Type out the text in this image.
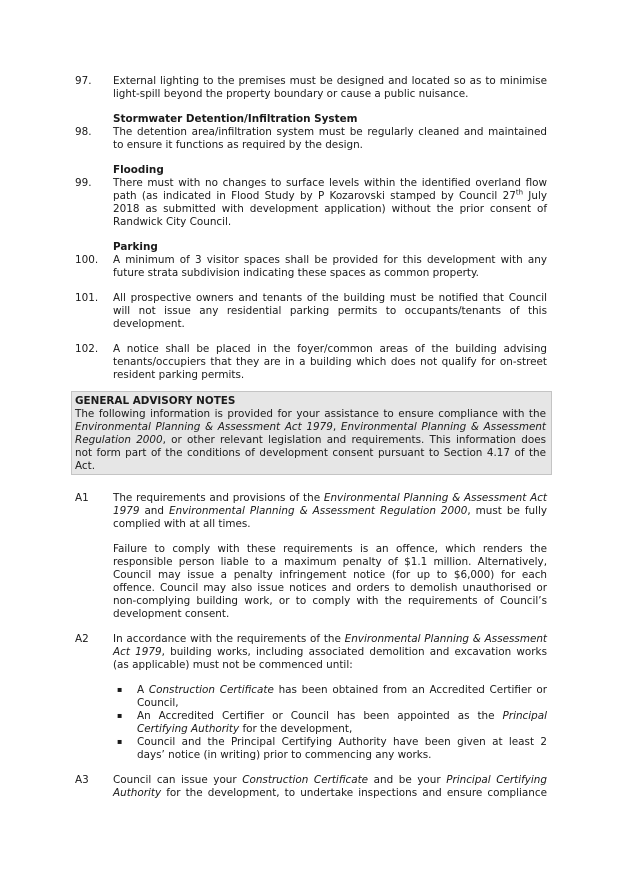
97. External lighting to the premises must be designed and located so as to minimise
light-spill beyond the property boundary or cause a public nuisance.
Stormwater Detention/Infiltration System
98. The detention area/infiltration system must be regularly cleaned and maintained
to ensure it functions as required by the design.
Flooding
99. There must with no changes to surface levels within the identified overland flow
path (as indicated in Flood Study by P Kozarovski stamped by Council 27th July
2018 as submitted with development application) without the prior consent of
Randwick City Council.
Parking
100. A minimum of 3 visitor spaces shall be provided for this development with any
future strata subdivision indicating these spaces as common property.
101. All prospective owners and tenants of the building must be notified that Council
will not issue any residential parking permits to occupants/tenants of this
development.
102. A notice shall be placed in the foyer/common areas of the building advising
tenants/occupiers that they are in a building which does not qualify for on-street
resident parking permits.
GENERAL ADVISORY NOTES
The following information is provided for your assistance to ensure compliance with the
Environmental Planning & Assessment Act 1979, Environmental Planning & Assessment
Regulation 2000, or other relevant legislation and requirements. This information does
not form part of the conditions of development consent pursuant to Section 4.17 of the
Act.
A1 The requirements and provisions of the Environmental Planning & Assessment Act
1979 and Environmental Planning & Assessment Regulation 2000, must be fully
complied with at all times.
Failure to comply with these requirements is an offence, which renders the
responsible person liable to a maximum penalty of $1.1 million. Alternatively,
Council may issue a penalty infringement notice (for up to $6,000) for each
offence. Council may also issue notices and orders to demolish unauthorised or
non-complying building work, or to comply with the requirements of Council’s
development consent.
A2 In accordance with the requirements of the Environmental Planning & Assessment
Act 1979, building works, including associated demolition and excavation works
(as applicable) must not be commenced until:
▪ A Construction Certificate has been obtained from an Accredited Certifier or
Council,
▪ An Accredited Certifier or Council has been appointed as the Principal
Certifying Authority for the development,
▪ Council and the Principal Certifying Authority have been given at least 2
days’ notice (in writing) prior to commencing any works.
A3 Council can issue your Construction Certificate and be your Principal Certifying
Authority for the development, to undertake inspections and ensure compliance
